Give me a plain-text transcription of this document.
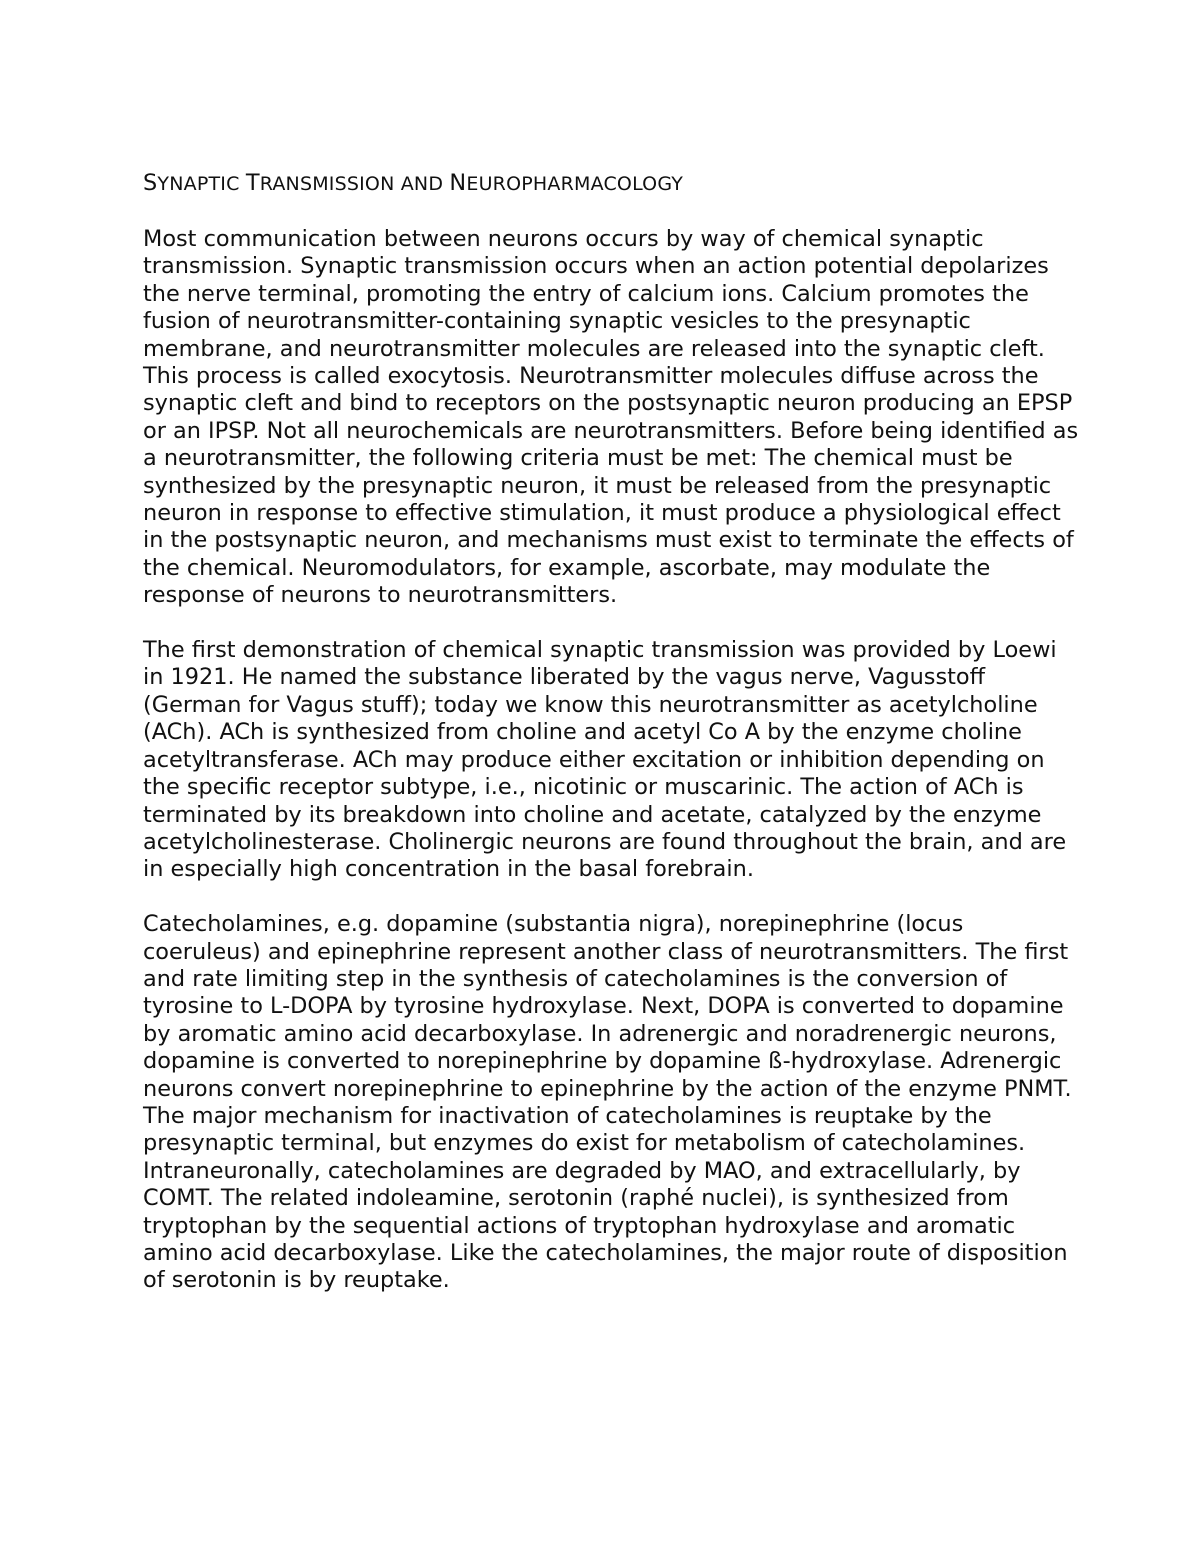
SYNAPTIC TRANSMISSION AND NEUROPHARMACOLOGY

Most communication between neurons occurs by way of chemical synaptic transmission. Synaptic transmission occurs when an action potential depolarizes the nerve terminal, promoting the entry of calcium ions. Calcium promotes the fusion of neurotransmitter-containing synaptic vesicles to the presynaptic membrane, and neurotransmitter molecules are released into the synaptic cleft. This process is called exocytosis. Neurotransmitter molecules diffuse across the synaptic cleft and bind to receptors on the postsynaptic neuron producing an EPSP or an IPSP. Not all neurochemicals are neurotransmitters. Before being identified as a neurotransmitter, the following criteria must be met: The chemical must be synthesized by the presynaptic neuron, it must be released from the presynaptic neuron in response to effective stimulation, it must produce a physiological effect in the postsynaptic neuron, and mechanisms must exist to terminate the effects of the chemical. Neuromodulators, for example, ascorbate, may modulate the response of neurons to neurotransmitters.

The first demonstration of chemical synaptic transmission was provided by Loewi in 1921. He named the substance liberated by the vagus nerve, Vagusstoff (German for Vagus stuff); today we know this neurotransmitter as acetylcholine (ACh). ACh is synthesized from choline and acetyl Co A by the enzyme choline acetyltransferase. ACh may produce either excitation or inhibition depending on the specific receptor subtype, i.e., nicotinic or muscarinic. The action of ACh is terminated by its breakdown into choline and acetate, catalyzed by the enzyme acetylcholinesterase. Cholinergic neurons are found throughout the brain, and are in especially high concentration in the basal forebrain.

Catecholamines, e.g. dopamine (substantia nigra), norepinephrine (locus coeruleus) and epinephrine represent another class of neurotransmitters. The first and rate limiting step in the synthesis of catecholamines is the conversion of tyrosine to L-DOPA by tyrosine hydroxylase. Next, DOPA is converted to dopamine by aromatic amino acid decarboxylase. In adrenergic and noradrenergic neurons, dopamine is converted to norepinephrine by dopamine ß-hydroxylase. Adrenergic neurons convert norepinephrine to epinephrine by the action of the enzyme PNMT. The major mechanism for inactivation of catecholamines is reuptake by the presynaptic terminal, but enzymes do exist for metabolism of catecholamines. Intraneuronally, catecholamines are degraded by MAO, and extracellularly, by COMT. The related indoleamine, serotonin (raphé nuclei), is synthesized from tryptophan by the sequential actions of tryptophan hydroxylase and aromatic amino acid decarboxylase. Like the catecholamines, the major route of disposition of serotonin is by reuptake.
